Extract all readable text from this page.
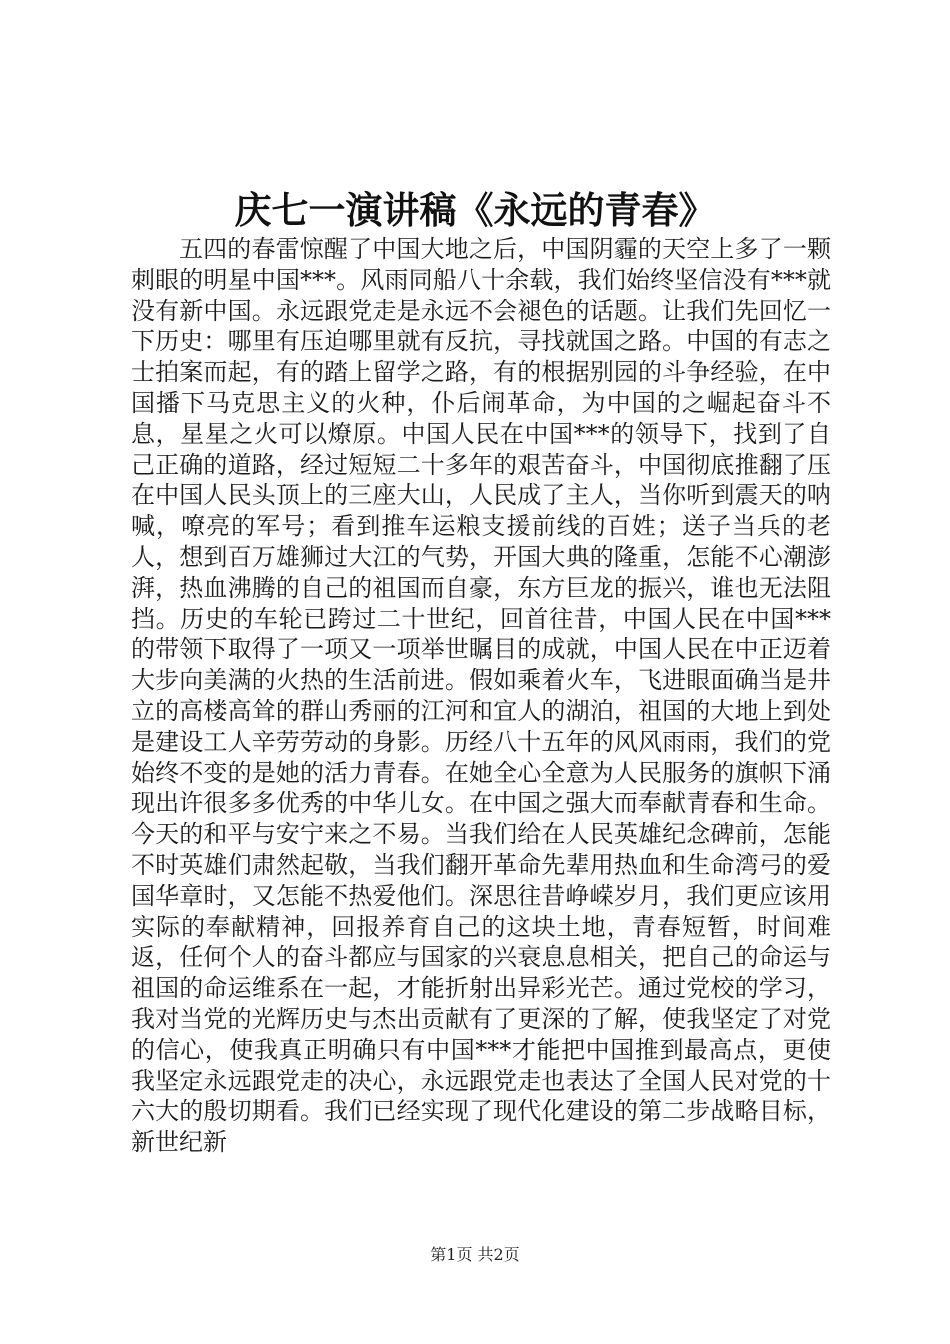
庆七一演讲稿《永远的青春》

五四的春雷惊醒了中国大地之后，中国阴霾的天空上多了一颗刺眼的明星中国***。风雨同船八十余载，我们始终坚信没有***就没有新中国。永远跟党走是永远不会褪色的话题。让我们先回忆一下历史：哪里有压迫哪里就有反抗，寻找就国之路。中国的有志之士拍案而起，有的踏上留学之路，有的根据别园的斗争经验，在中国播下马克思主义的火种，仆后闹革命，为中国的之崛起奋斗不息，星星之火可以燎原。中国人民在中国***的领导下，找到了自己正确的道路，经过短短二十多年的艰苦奋斗，中国彻底推翻了压在中国人民头顶上的三座大山，人民成了主人，当你听到震天的呐喊，嘹亮的军号；看到推车运粮支援前线的百姓；送子当兵的老人，想到百万雄狮过大江的气势，开国大典的隆重，怎能不心潮澎湃，热血沸腾的自己的祖国而自豪，东方巨龙的振兴，谁也无法阻挡。历史的车轮已跨过二十世纪，回首往昔，中国人民在中国***的带领下取得了一项又一项举世瞩目的成就，中国人民在中正迈着大步向美满的火热的生活前进。假如乘着火车，飞进眼面确当是井立的高楼高耸的群山秀丽的江河和宜人的湖泊，祖国的大地上到处是建设工人辛劳劳动的身影。历经八十五年的风风雨雨，我们的党始终不变的是她的活力青春。在她全心全意为人民服务的旗帜下涌现出许很多多优秀的中华儿女。在中国之强大而奉献青春和生命。今天的和平与安宁来之不易。当我们给在人民英雄纪念碑前，怎能不时英雄们肃然起敬，当我们翻开革命先辈用热血和生命湾弓的爱国华章时，又怎能不热爱他们。深思往昔峥嵘岁月，我们更应该用实际的奉献精神，回报养育自己的这块土地，青春短暂，时间难返，任何个人的奋斗都应与国家的兴衰息息相关，把自己的命运与祖国的命运维系在一起，才能折射出异彩光芒。通过党校的学习，我对当党的光辉历史与杰出贡献有了更深的了解，使我坚定了对党的信心，使我真正明确只有中国***才能把中国推到最高点，更使我坚定永远跟党走的决心，永远跟党走也表达了全国人民对党的十六大的殷切期看。我们已经实现了现代化建设的第二步战略目标，新世纪新

第1页 共2页
